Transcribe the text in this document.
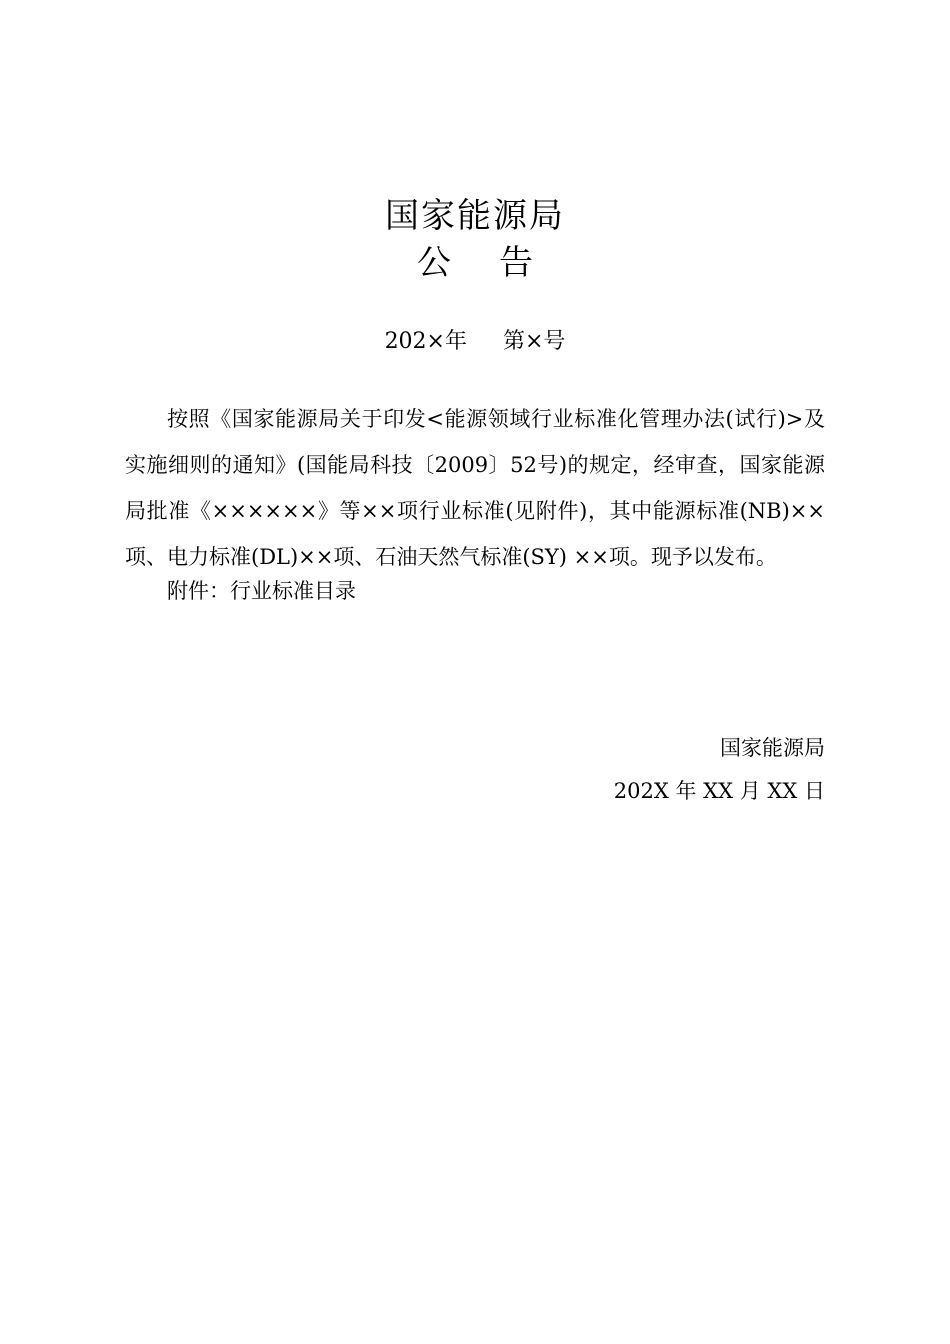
国家能源局
公 告
202×年 第×号

按照《国家能源局关于印发<能源领域行业标准化管理办法(试行)>及实施细则的通知》(国能局科技〔2009〕52号)的规定，经审查，国家能源局批准《××××××》等××项行业标准(见附件)，其中能源标准(NB)××项、电力标准(DL)××项、石油天然气标准(SY) ××项。现予以发布。

附件：行业标准目录

国家能源局
202X 年 XX 月 XX 日
